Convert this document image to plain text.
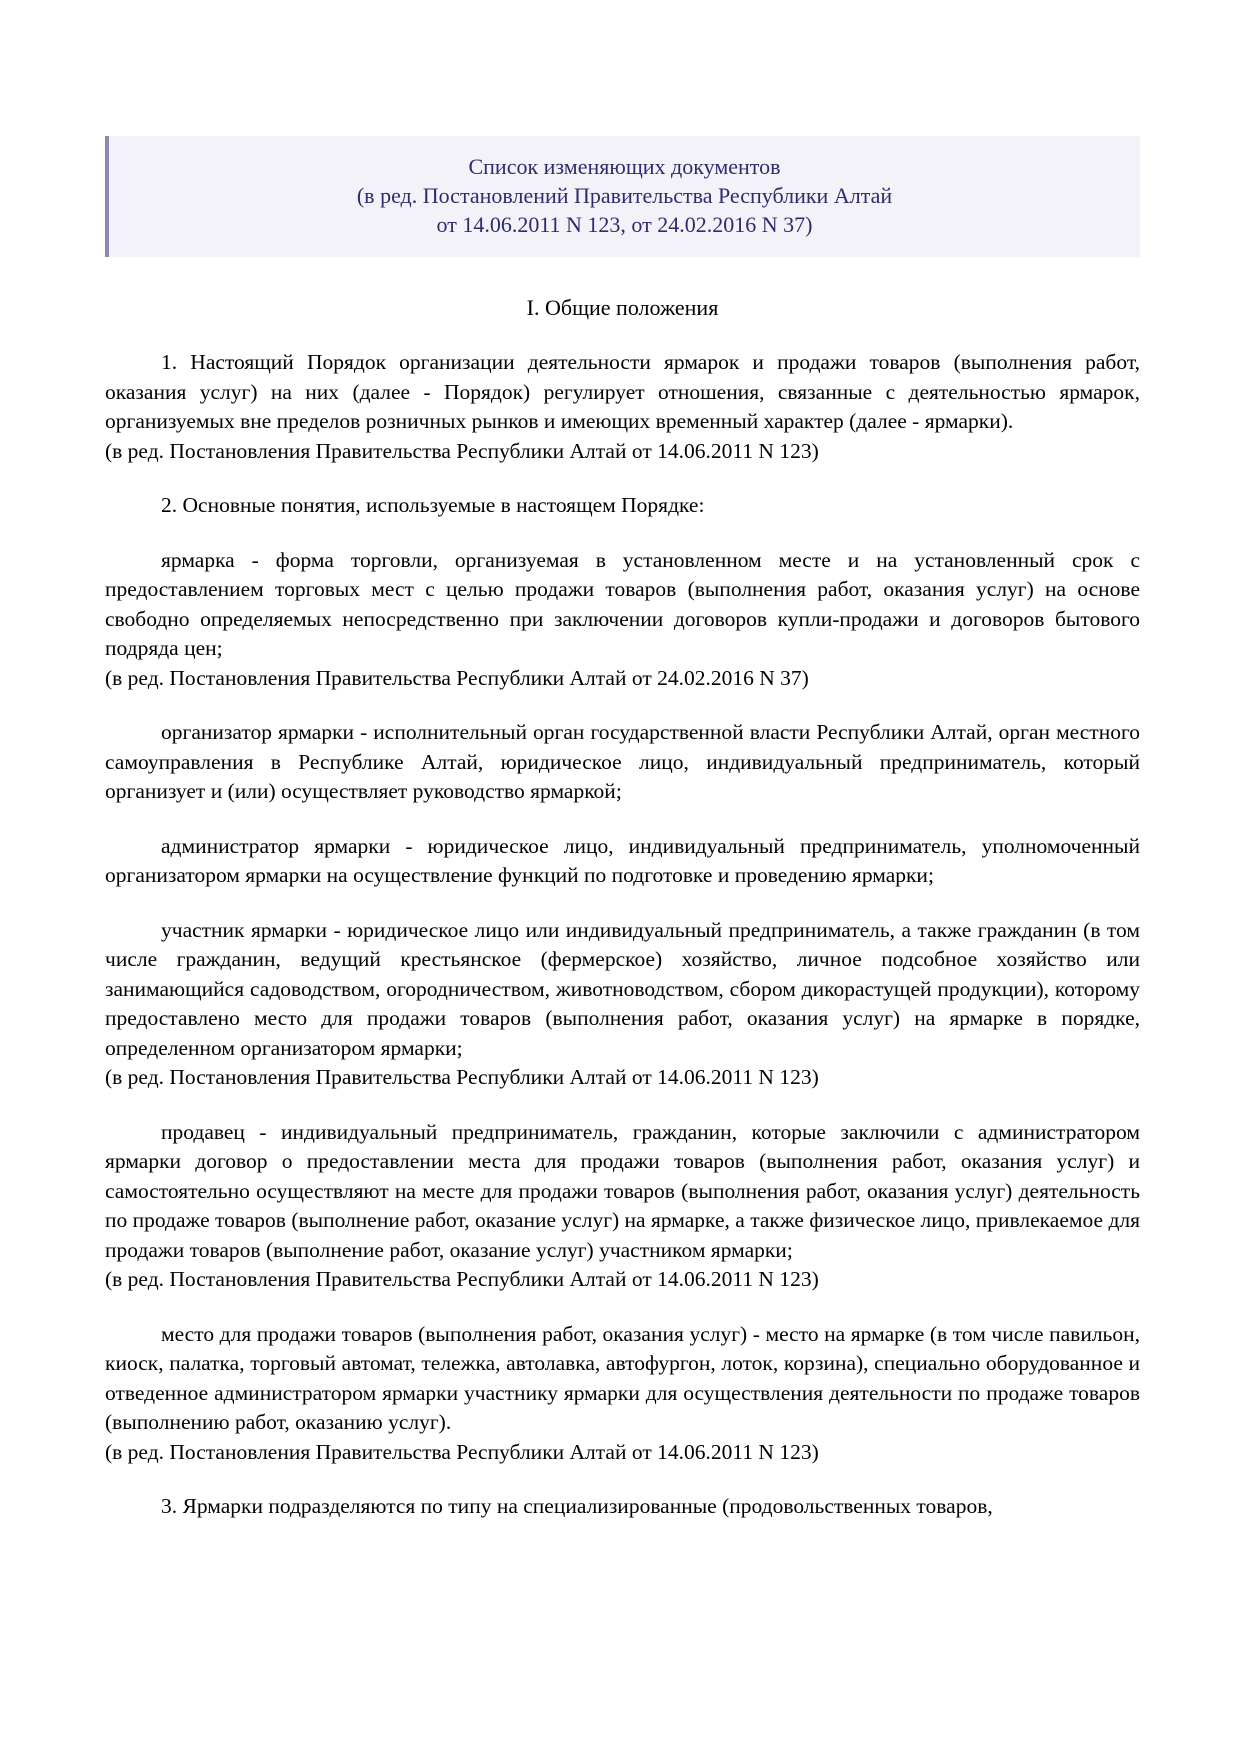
Список изменяющих документов
(в ред. Постановлений Правительства Республики Алтай
от 14.06.2011 N 123, от 24.02.2016 N 37)
I. Общие положения

1. Настоящий Порядок организации деятельности ярмарок и продажи товаров (выполнения работ, оказания услуг) на них (далее - Порядок) регулирует отношения, связанные с деятельностью ярмарок, организуемых вне пределов розничных рынков и имеющих временный характер (далее - ярмарки).

(в ред. Постановления Правительства Республики Алтай от 14.06.2011 N 123)

2. Основные понятия, используемые в настоящем Порядке:

ярмарка - форма торговли, организуемая в установленном месте и на установленный срок с предоставлением торговых мест с целью продажи товаров (выполнения работ, оказания услуг) на основе свободно определяемых непосредственно при заключении договоров купли-продажи и договоров бытового подряда цен;

(в ред. Постановления Правительства Республики Алтай от 24.02.2016 N 37)

организатор ярмарки - исполнительный орган государственной власти Республики Алтай, орган местного самоуправления в Республике Алтай, юридическое лицо, индивидуальный предприниматель, который организует и (или) осуществляет руководство ярмаркой;

администратор ярмарки - юридическое лицо, индивидуальный предприниматель, уполномоченный организатором ярмарки на осуществление функций по подготовке и проведению ярмарки;

участник ярмарки - юридическое лицо или индивидуальный предприниматель, а также гражданин (в том числе гражданин, ведущий крестьянское (фермерское) хозяйство, личное подсобное хозяйство или занимающийся садоводством, огородничеством, животноводством, сбором дикорастущей продукции), которому предоставлено место для продажи товаров (выполнения работ, оказания услуг) на ярмарке в порядке, определенном организатором ярмарки;

(в ред. Постановления Правительства Республики Алтай от 14.06.2011 N 123)

продавец - индивидуальный предприниматель, гражданин, которые заключили с администратором ярмарки договор о предоставлении места для продажи товаров (выполнения работ, оказания услуг) и самостоятельно осуществляют на месте для продажи товаров (выполнения работ, оказания услуг) деятельность по продаже товаров (выполнение работ, оказание услуг) на ярмарке, а также физическое лицо, привлекаемое для продажи товаров (выполнение работ, оказание услуг) участником ярмарки;

(в ред. Постановления Правительства Республики Алтай от 14.06.2011 N 123)

место для продажи товаров (выполнения работ, оказания услуг) - место на ярмарке (в том числе павильон, киоск, палатка, торговый автомат, тележка, автолавка, автофургон, лоток, корзина), специально оборудованное и отведенное администратором ярмарки участнику ярмарки для осуществления деятельности по продаже товаров (выполнению работ, оказанию услуг).

(в ред. Постановления Правительства Республики Алтай от 14.06.2011 N 123)

3. Ярмарки подразделяются по типу на специализированные (продовольственных товаров,
